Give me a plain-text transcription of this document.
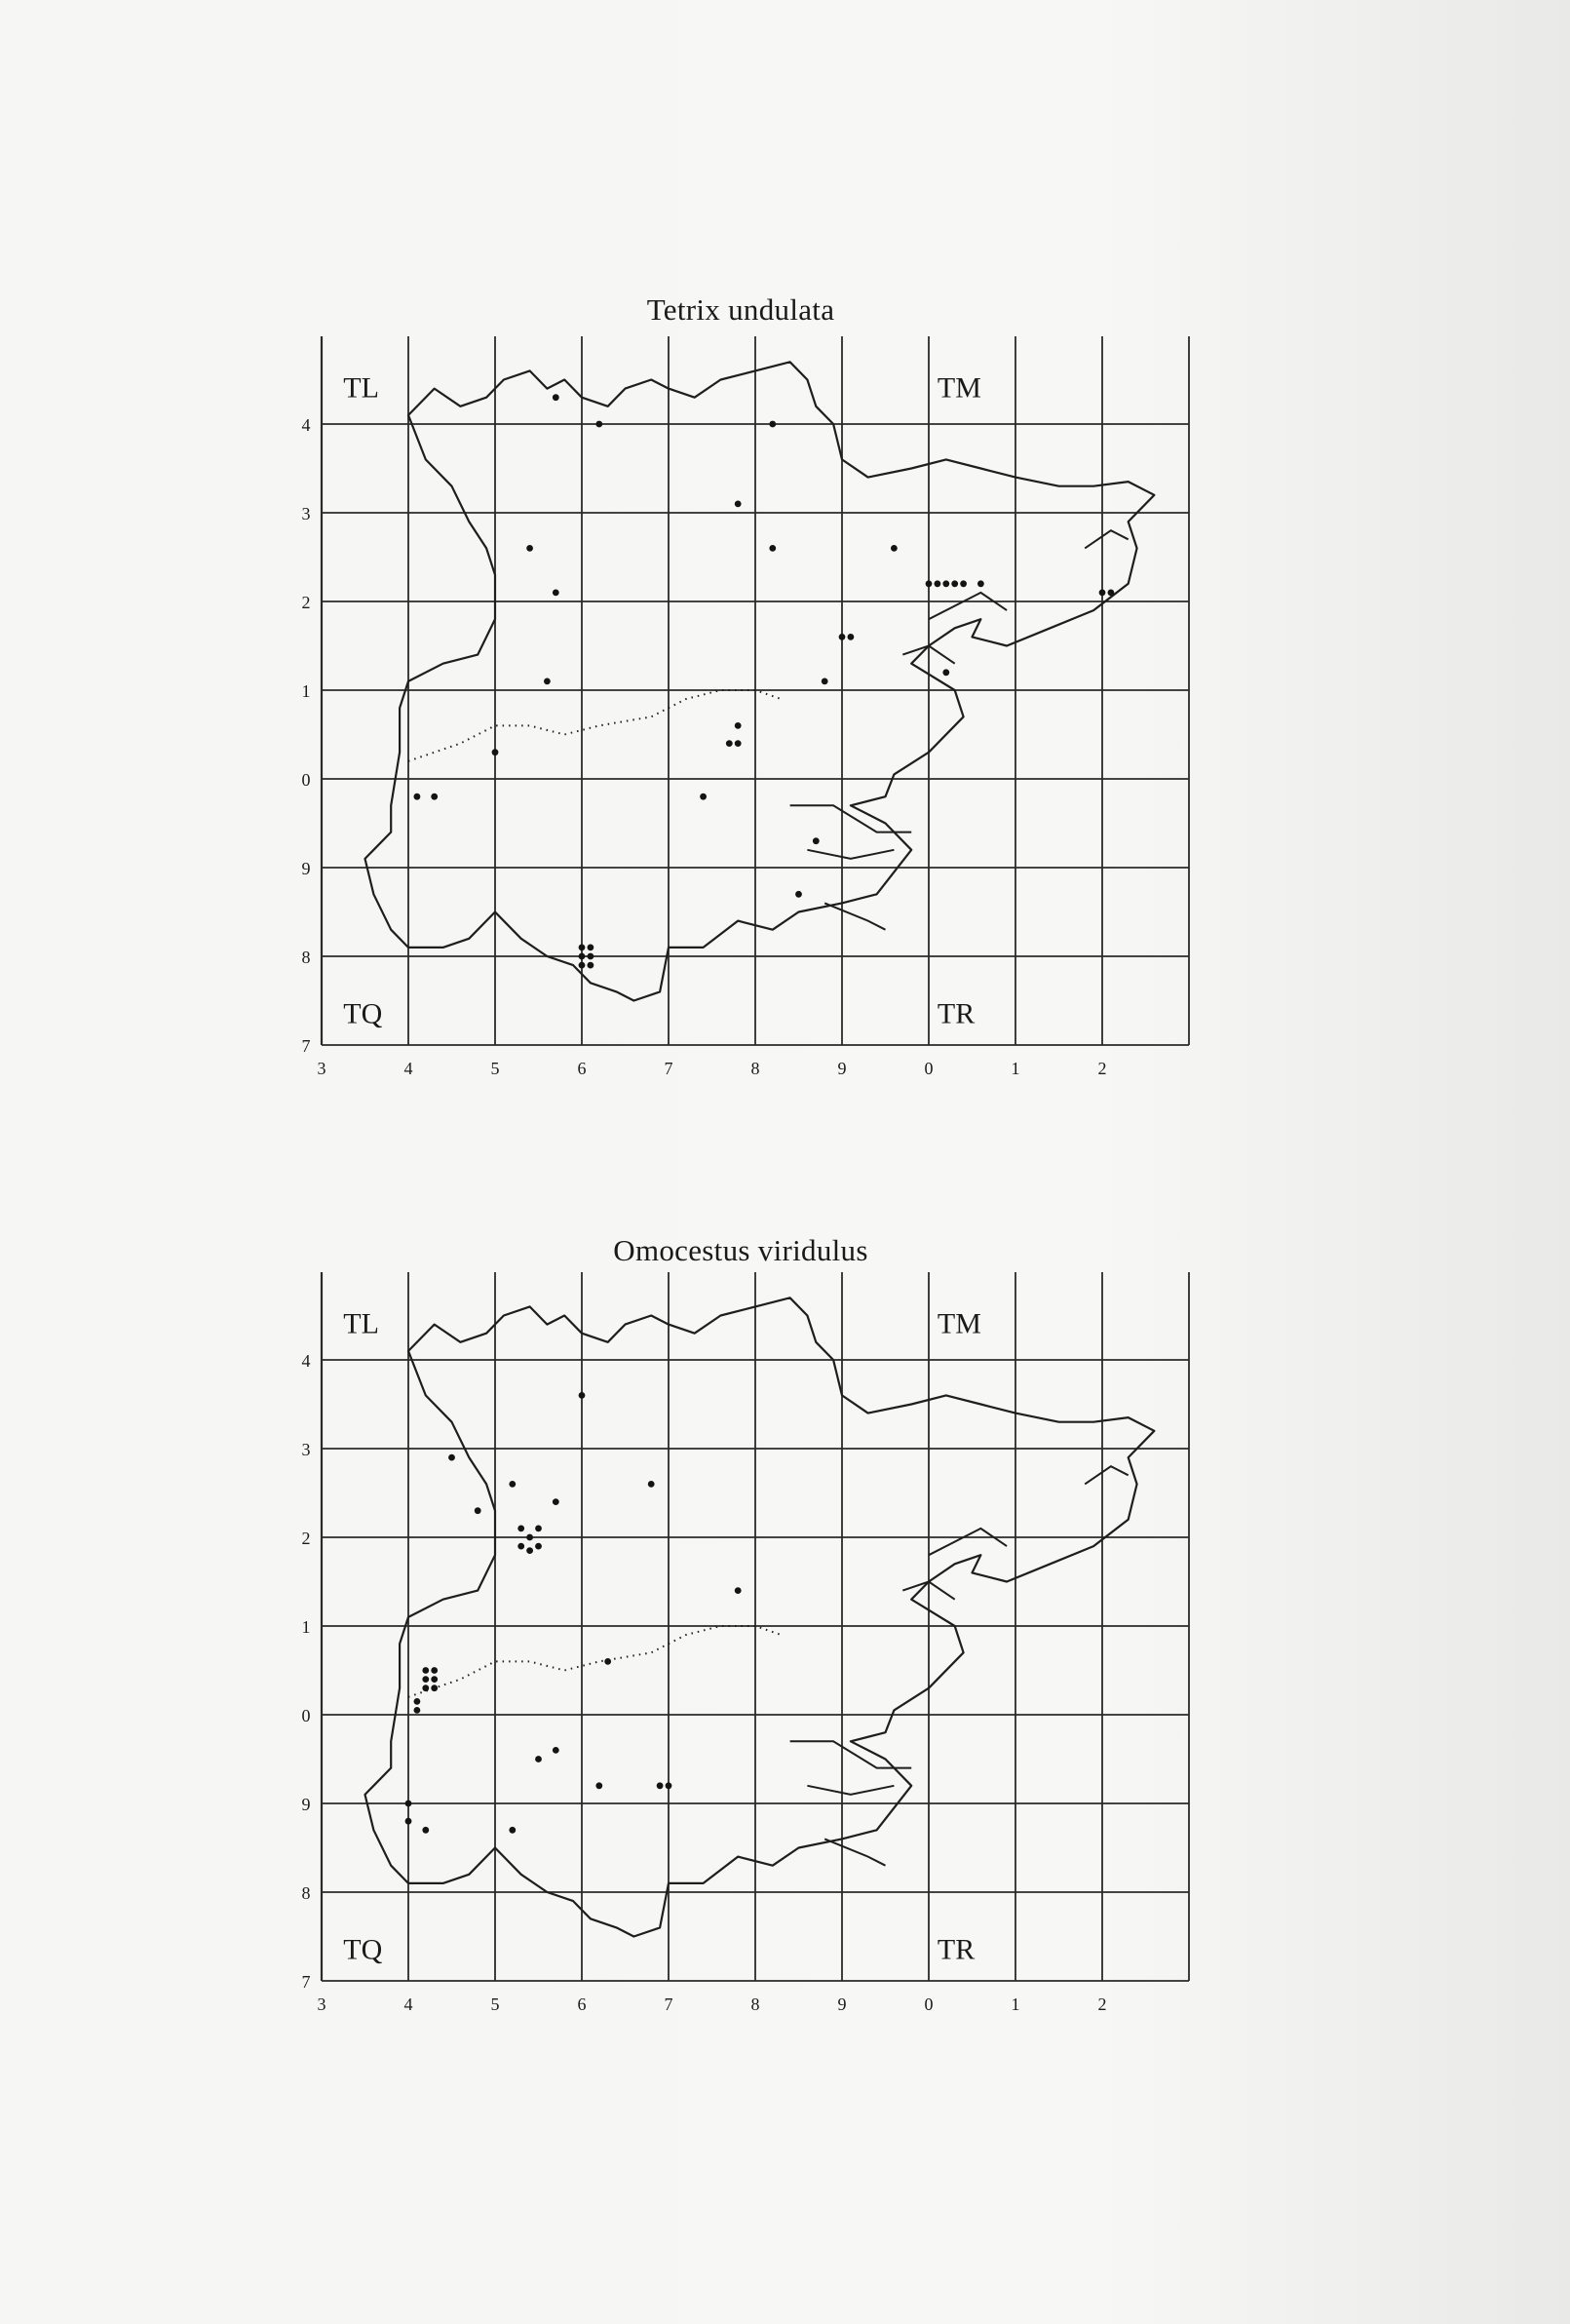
Tetrix undulata
TL	TM
TQ	TR
3	4	5	6	7	8	9	0	1	2
4
3
2
1
0
9
8
7
Omocestus viridulus
TL	TM
TQ	TR
3	4	5	6	7	8	9	0	1	2
4
3
2
1
0
9
8
7
